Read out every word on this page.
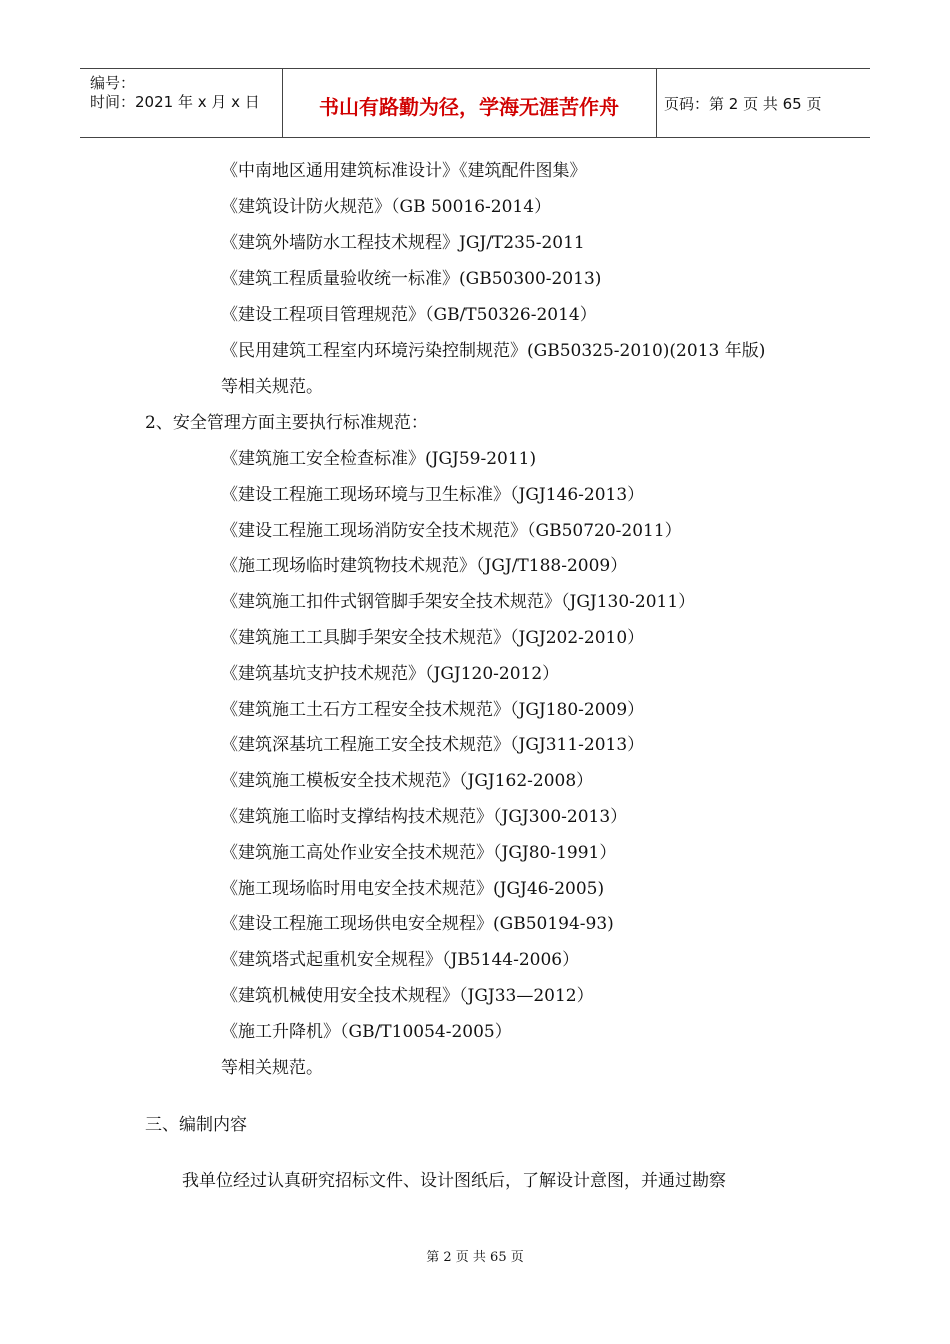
编号：
时间：2021 年 x 月 x 日	书山有路勤为径，学海无涯苦作舟	页码：第 2 页 共 65 页
《中南地区通用建筑标准设计》《建筑配件图集》
《建筑设计防火规范》（GB 50016-2014）
《建筑外墙防水工程技术规程》JGJ/T235-2011
《建筑工程质量验收统一标准》(GB50300-2013)
《建设工程项目管理规范》（GB/T50326-2014）
《民用建筑工程室内环境污染控制规范》(GB50325-2010)(2013 年版)
等相关规范。
2、安全管理方面主要执行标准规范：
《建筑施工安全检查标准》(JGJ59-2011)
《建设工程施工现场环境与卫生标准》（JGJ146-2013）
《建设工程施工现场消防安全技术规范》（GB50720-2011）
《施工现场临时建筑物技术规范》（JGJ/T188-2009）
《建筑施工扣件式钢管脚手架安全技术规范》（JGJ130-2011）
《建筑施工工具脚手架安全技术规范》（JGJ202-2010）
《建筑基坑支护技术规范》（JGJ120-2012）
《建筑施工土石方工程安全技术规范》（JGJ180-2009）
《建筑深基坑工程施工安全技术规范》（JGJ311-2013）
《建筑施工模板安全技术规范》（JGJ162-2008）
《建筑施工临时支撑结构技术规范》（JGJ300-2013）
《建筑施工高处作业安全技术规范》（JGJ80-1991）
《施工现场临时用电安全技术规范》(JGJ46-2005)
《建设工程施工现场供电安全规程》(GB50194-93)
《建筑塔式起重机安全规程》（JB5144-2006）
《建筑机械使用安全技术规程》（JGJ33—2012）
《施工升降机》（GB/T10054-2005）
等相关规范。
三、编制内容
我单位经过认真研究招标文件、设计图纸后，了解设计意图，并通过勘察
第 2 页 共 65 页
